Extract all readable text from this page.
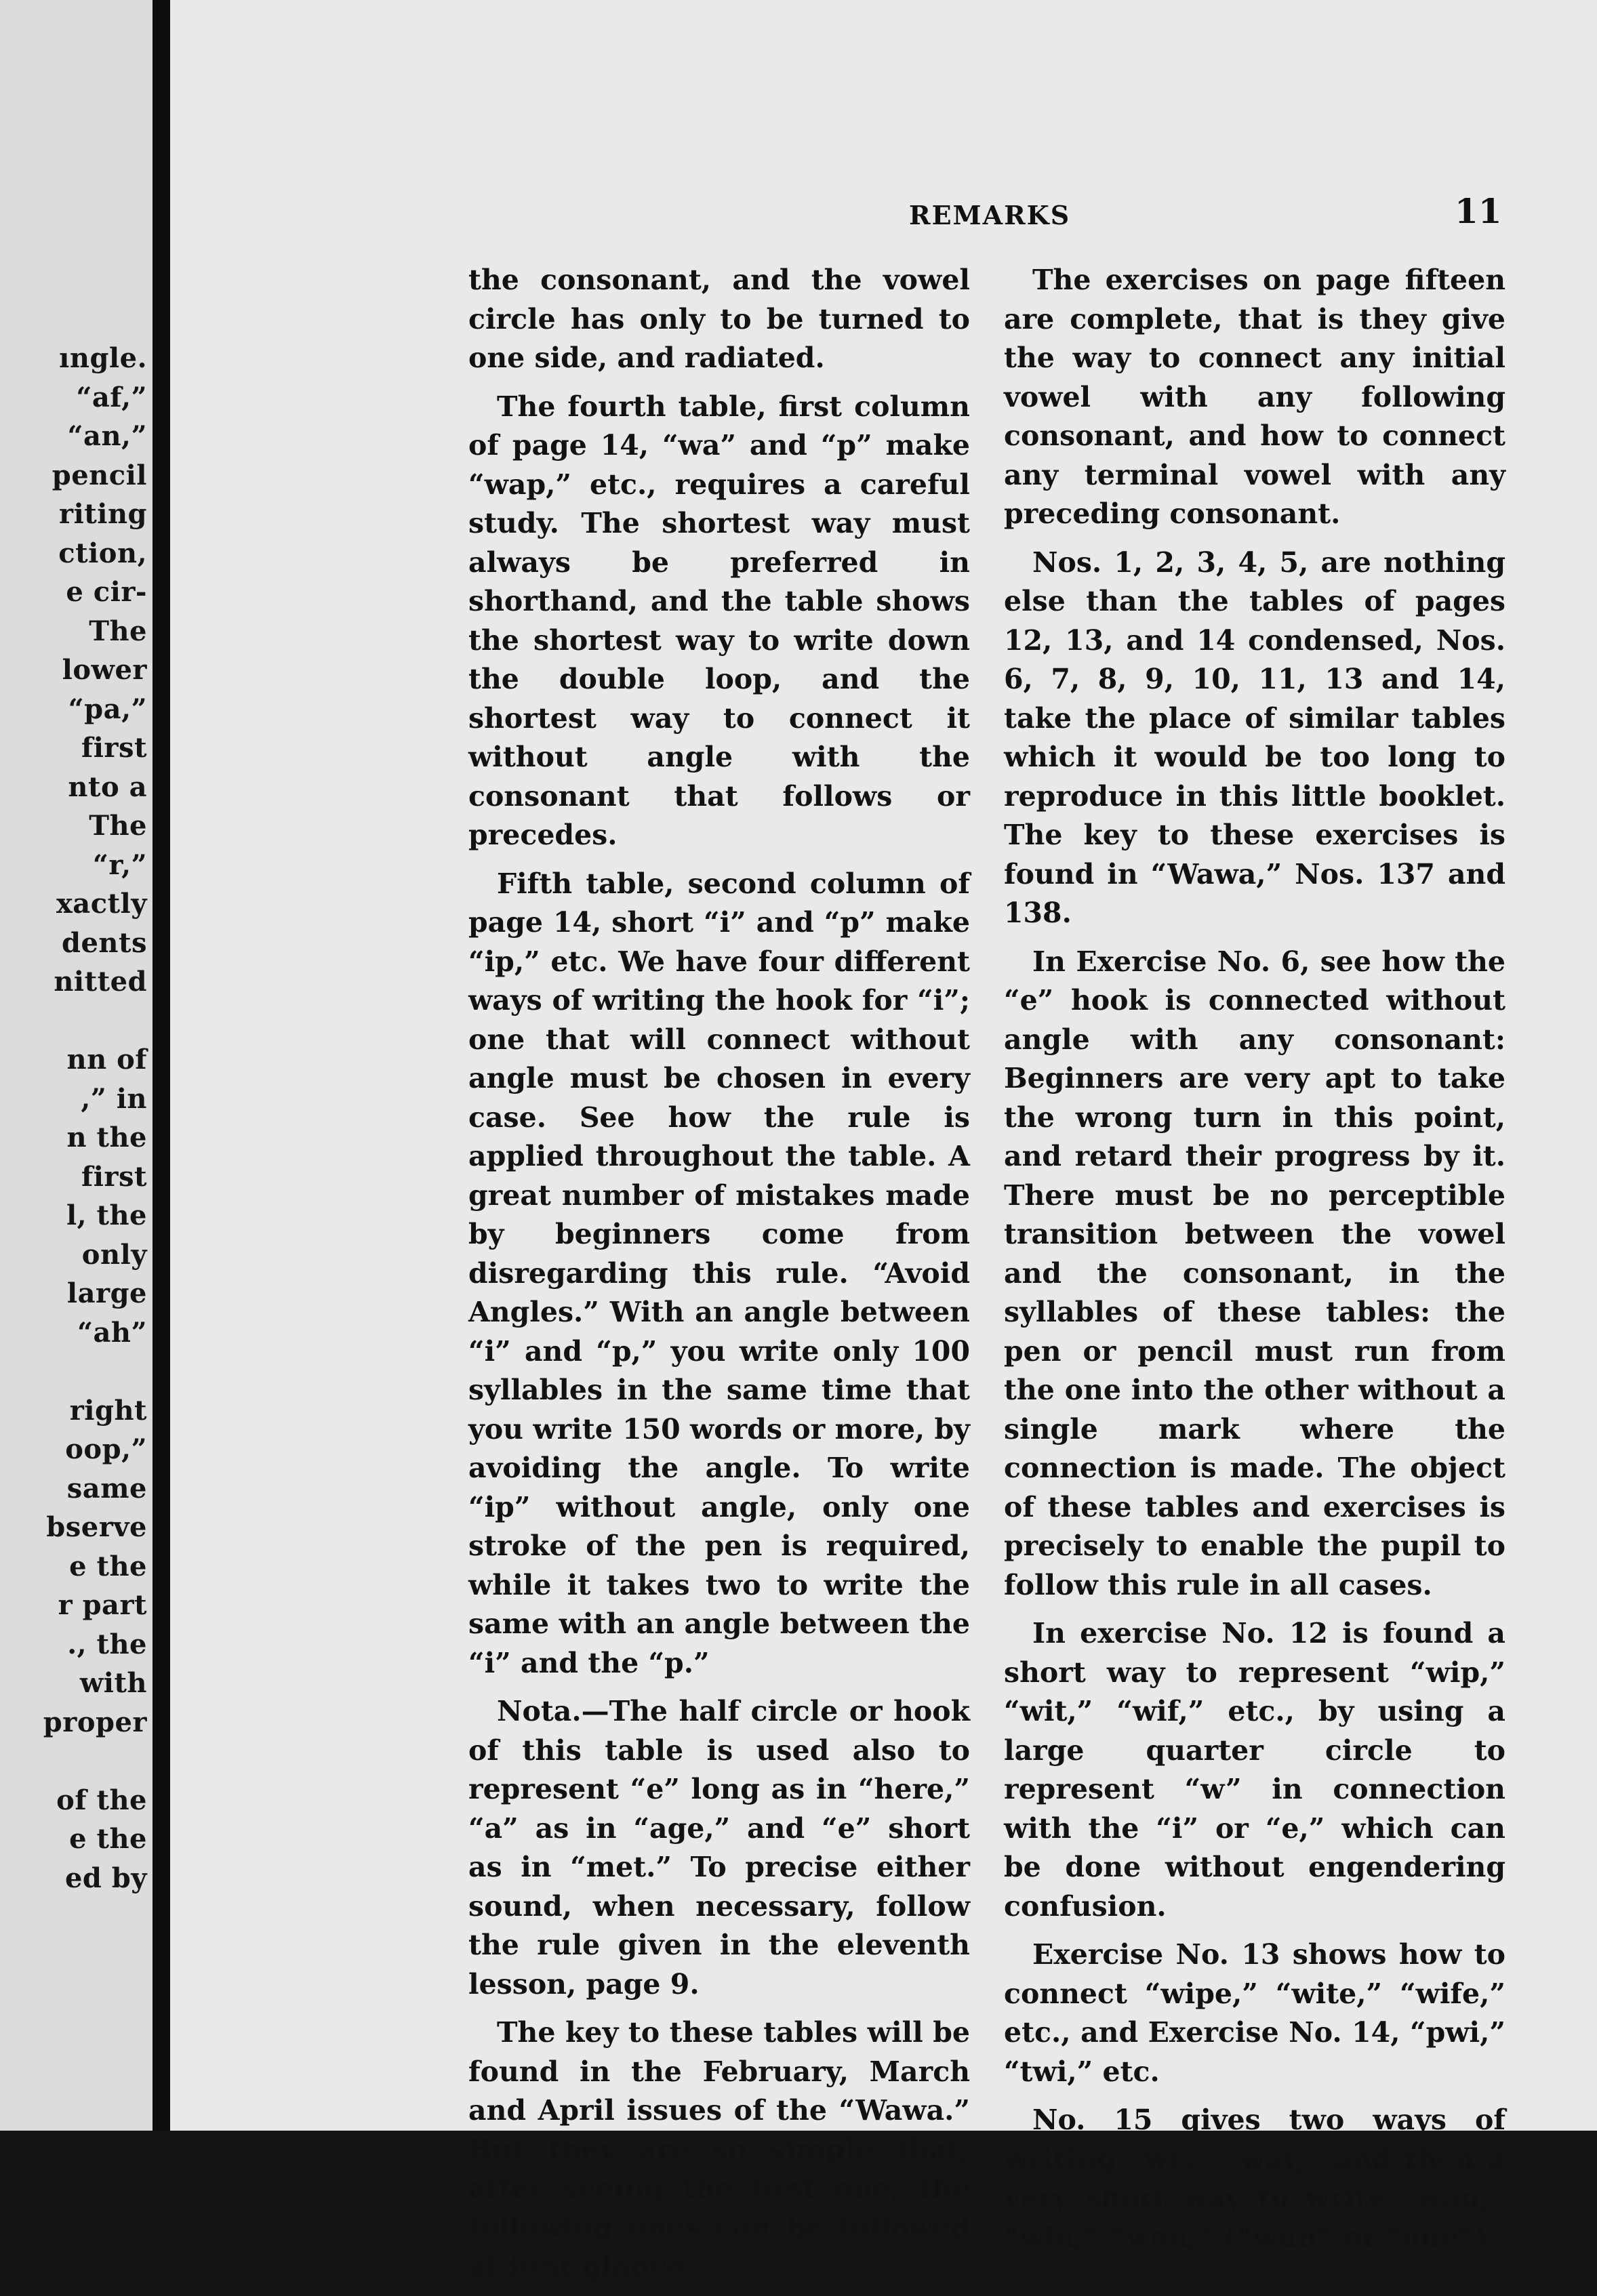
ıngle.
“af,”
“an,”
pencil
riting
ction,
e cir-
The
lower
“pa,”
first
nto a
The
“r,”
xactly
dents
nitted
nn of
,” in
n the
first
l, the
only
large
“ah”
right
oop,”
same
bserve
e the
r part
., the
with
proper
of the
e the
ed by
REMARKS	11

the consonant, and the vowel circle has only to be turned to one side, and radiated.

The fourth table, first column of page 14, “wa” and “p” make “wap,” etc., requires a careful study. The shortest way must always be preferred in shorthand, and the table shows the shortest way to write down the double loop, and the shortest way to connect it without angle with the consonant that follows or precedes.

Fifth table, second column of page 14, short “i” and “p” make “ip,” etc. We have four different ways of writing the hook for “i”; one that will connect without angle must be chosen in every case. See how the rule is applied throughout the table. A great number of mistakes made by beginners come from disregarding this rule. “Avoid Angles.” With an angle between “i” and “p,” you write only 100 syllables in the same time that you write 150 words or more, by avoiding the angle. To write “ip” without angle, only one stroke of the pen is required, while it takes two to write the same with an angle between the “i” and the “p.”

Nota.—The half circle or hook of this table is used also to represent “e” long as in “here,” “a” as in “age,” and “e” short as in “met.” To precise either sound, when necessary, follow the rule given in the eleventh lesson, page 9.

The key to these tables will be found in the February, March and April issues of the “Wawa.” But they are so simple that, after seeing the first one, the following ones can be followed at first glance.

The exercises on page fifteen are complete, that is they give the way to connect any initial vowel with any following consonant, and how to connect any terminal vowel with any preceding consonant.

Nos. 1, 2, 3, 4, 5, are nothing else than the tables of pages 12, 13, and 14 condensed, Nos. 6, 7, 8, 9, 10, 11, 13 and 14, take the place of similar tables which it would be too long to reproduce in this little booklet. The key to these exercises is found in “Wawa,” Nos. 137 and 138.

In Exercise No. 6, see how the “e” hook is connected without angle with any consonant: Beginners are very apt to take the wrong turn in this point, and retard their progress by it. There must be no perceptible transition between the vowel and the consonant, in the syllables of these tables: the pen or pencil must run from the one into the other without a single mark where the connection is made. The object of these tables and exercises is precisely to enable the pupil to follow this rule in all cases.

In exercise No. 12 is found a short way to represent “wip,” “wit,” “wif,” etc., by using a large quarter circle to represent “w” in connection with the “i” or “e,” which can be done without engendering confusion.

Exercise No. 13 shows how to connect “wipe,” “wite,” “wife,” etc., and Exercise No. 14, “pwi,” “twi,” etc.

No. 15 gives two ways of writing “we,” “way,” and then a very short way to write “wan,” “win,” “won,” (“wun” or “one”).
